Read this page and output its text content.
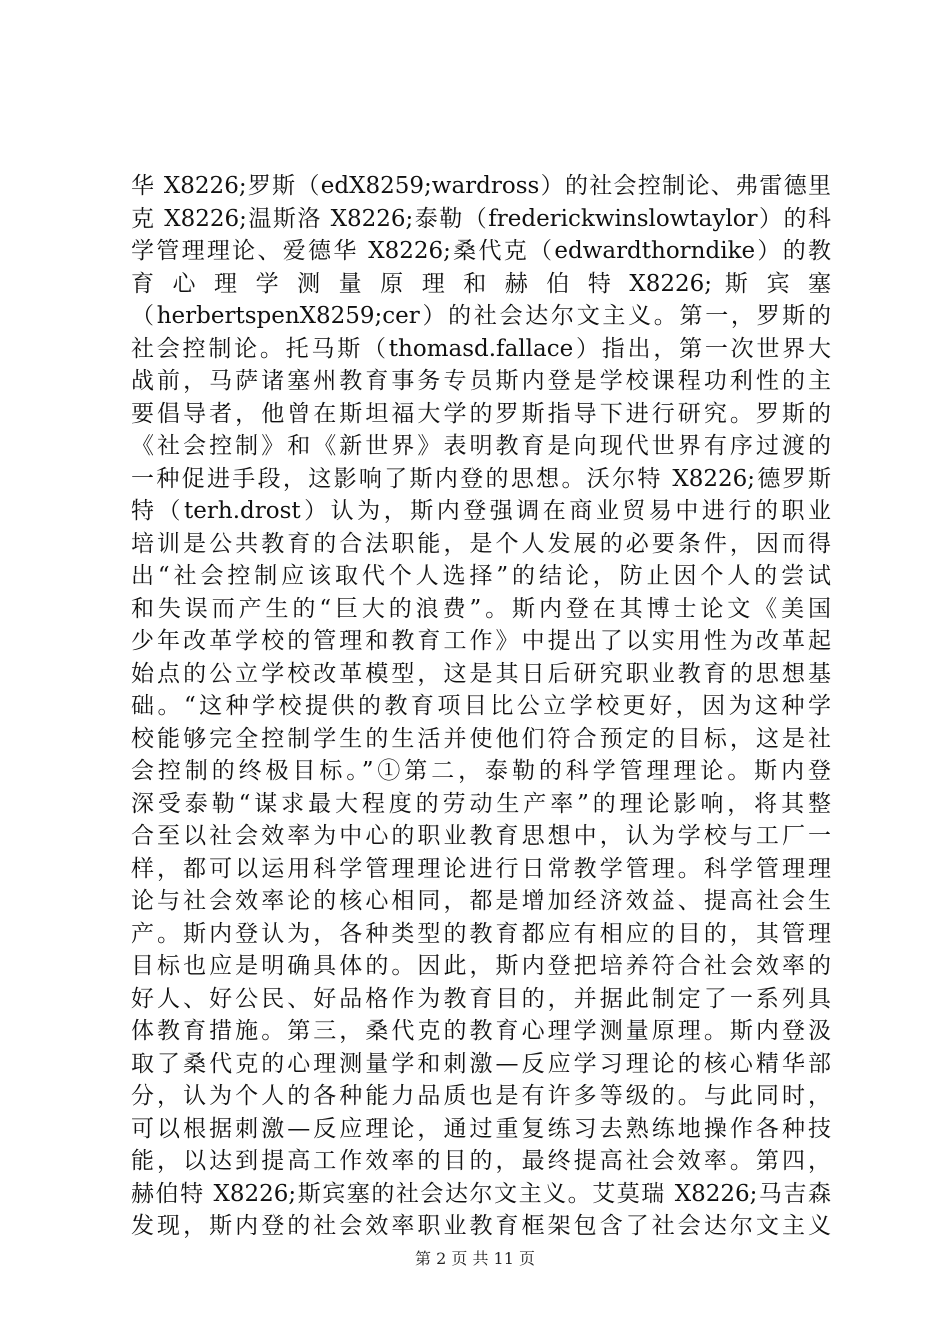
华 X8226;罗斯（edX8259;wardross）的社会控制论、弗雷德里
克 X8226;温斯洛 X8226;泰勒（frederickwinslowtaylor）的科
学管理理论、爱德华 X8226;桑代克（edwardthorndike）的教
育 心 理 学 测 量 原 理 和 赫 伯 特 X8226; 斯 宾 塞
（herbertspenX8259;cer）的社会达尔文主义。第一，罗斯的
社会控制论。托马斯（thomasd.fallace）指出，第一次世界大
战前，马萨诸塞州教育事务专员斯内登是学校课程功利性的主
要倡导者，他曾在斯坦福大学的罗斯指导下进行研究。罗斯的
《社会控制》和《新世界》表明教育是向现代世界有序过渡的
一种促进手段，这影响了斯内登的思想。沃尔特 X8226;德罗斯
特（terh.drost）认为，斯内登强调在商业贸易中进行的职业
培训是公共教育的合法职能，是个人发展的必要条件，因而得
出“社会控制应该取代个人选择”的结论，防止因个人的尝试
和失误而产生的“巨大的浪费”。斯内登在其博士论文《美国
少年改革学校的管理和教育工作》中提出了以实用性为改革起
始点的公立学校改革模型，这是其日后研究职业教育的思想基
础。“这种学校提供的教育项目比公立学校更好，因为这种学
校能够完全控制学生的生活并使他们符合预定的目标，这是社
会控制的终极目标。”①第二，泰勒的科学管理理论。斯内登
深受泰勒“谋求最大程度的劳动生产率”的理论影响，将其整
合至以社会效率为中心的职业教育思想中，认为学校与工厂一
样，都可以运用科学管理理论进行日常教学管理。科学管理理
论与社会效率论的核心相同，都是增加经济效益、提高社会生
产。斯内登认为，各种类型的教育都应有相应的目的，其管理
目标也应是明确具体的。因此，斯内登把培养符合社会效率的
好人、好公民、好品格作为教育目的，并据此制定了一系列具
体教育措施。第三，桑代克的教育心理学测量原理。斯内登汲
取了桑代克的心理测量学和刺激—反应学习理论的核心精华部
分，认为个人的各种能力品质也是有许多等级的。与此同时，
可以根据刺激—反应理论，通过重复练习去熟练地操作各种技
能，以达到提高工作效率的目的，最终提高社会效率。第四，
赫伯特 X8226;斯宾塞的社会达尔文主义。艾莫瑞 X8226;马吉森
发现，斯内登的社会效率职业教育框架包含了社会达尔文主义
第 2 页 共 11 页
